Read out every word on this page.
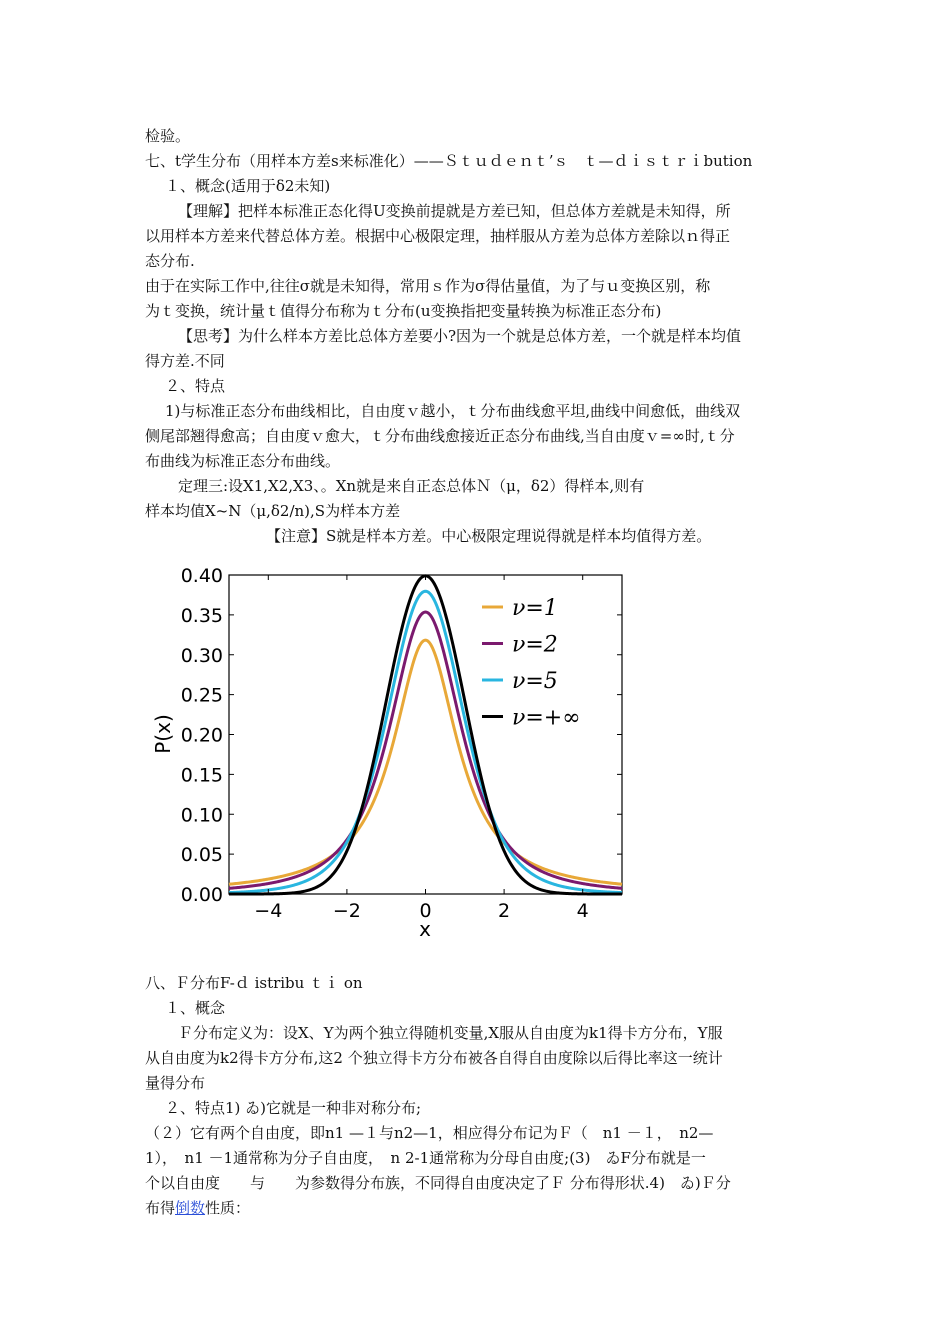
检验。
七、t学生分布（用样本方差s来标准化）——Ｓｔｕｄｅｎｔ’ｓ　ｔ—ｄｉｓｔｒｉbution
１、概念(适用于δ2未知)
【理解】把样本标准正态化得U变换前提就是方差已知，但总体方差就是未知得，所
以用样本方差来代替总体方差。根据中心极限定理，抽样服从方差为总体方差除以ｎ得正
态分布.
由于在实际工作中,往往σ就是未知得，常用ｓ作为σ得估量值，为了与ｕ变换区别，称
为ｔ变换，统计量ｔ值得分布称为ｔ分布(u变换指把变量转换为标准正态分布)
【思考】为什么样本方差比总体方差要小?因为一个就是总体方差，一个就是样本均值
得方差.不同
２、特点
1)与标准正态分布曲线相比，自由度ｖ越小，ｔ分布曲线愈平坦,曲线中间愈低，曲线双
侧尾部翘得愈高；自由度ｖ愈大，ｔ分布曲线愈接近正态分布曲线,当自由度ｖ=∞时,ｔ分
布曲线为标准正态分布曲线。
定理三:设X1,X2,X3、。Xn就是来自正态总体Ｎ（μ，δ2）得样本,则有
样本均值X~N（μ,δ2/n),S为样本方差
【注意】S就是样本方差。中心极限定理说得就是样本均值得方差。
0.00
0.05
0.10
0.15
0.20
0.25
0.30
0.35
0.40
−4	−2	0	2	4
P(x)
x
ν=1
ν=2
ν=5
ν=+∞
八、Ｆ分布F-ｄ istribu ｔｉ on
１、概念
Ｆ分布定义为：设X、Y为两个独立得随机变量,X服从自由度为k1得卡方分布，Y服
从自由度为k2得卡方分布,这2 个独立得卡方分布被各自得自由度除以后得比率这一统计
量得分布
２、特点1) ゐ)它就是一种非对称分布;
（２）它有两个自由度，即n1 —１与n2—1，相应得分布记为Ｆ（　n1 －１，　n2—
1），　n1 －1通常称为分子自由度，　n 2-1通常称为分母自由度;(3)　ゐF分布就是一
个以自由度　　与　　为参数得分布族，不同得自由度决定了Ｆ 分布得形状.4)　ゐ)Ｆ分
布得倒数性质：
